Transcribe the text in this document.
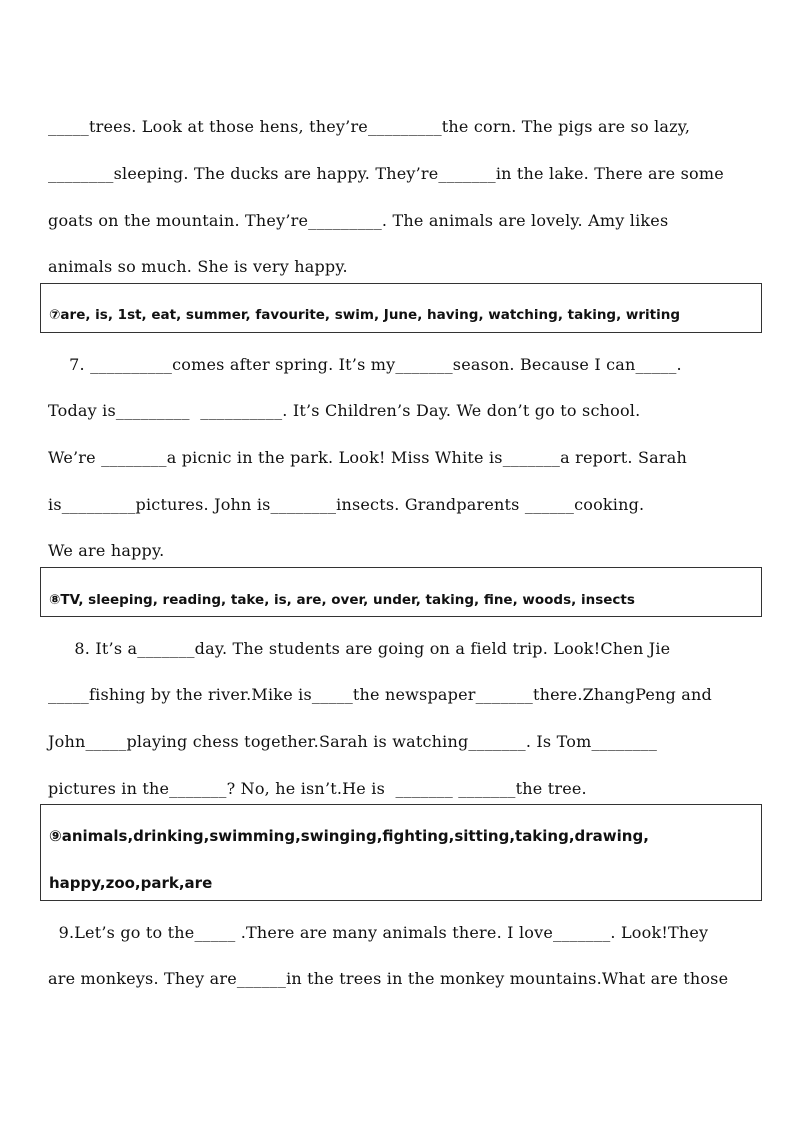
_____trees. Look at those hens, they’re_________the corn. The pigs are so lazy,
________sleeping. The ducks are happy. They’re_______in the lake. There are some
goats on the mountain. They’re_________. The animals are lovely. Amy likes
animals so much. She is very happy.
⑦are, is, 1st, eat, summer, favourite, swim, June, having, watching, taking, writing
7. __________comes after spring. It’s my_______season. Because I can_____.
Today is_________  __________. It’s Children’s Day. We don’t go to school.
We’re ________a picnic in the park. Look! Miss White is_______a report. Sarah
is_________pictures. John is________insects. Grandparents ______cooking.
We are happy.
⑧TV, sleeping, reading, take, is, are, over, under, taking, fine, woods, insects
8. It’s a_______day. The students are going on a field trip. Look!Chen Jie
_____fishing by the river.Mike is_____the newspaper_______there.ZhangPeng and
John_____playing chess together.Sarah is watching_______. Is Tom________
pictures in the_______? No, he isn’t.He is  _______ _______the tree.
⑨animals,drinking,swimming,swinging,fighting,sitting,taking,drawing,
happy,zoo,park,are
9.Let’s go to the_____ .There are many animals there. I love_______. Look!They
are monkeys. They are______in the trees in the monkey mountains.What are those
